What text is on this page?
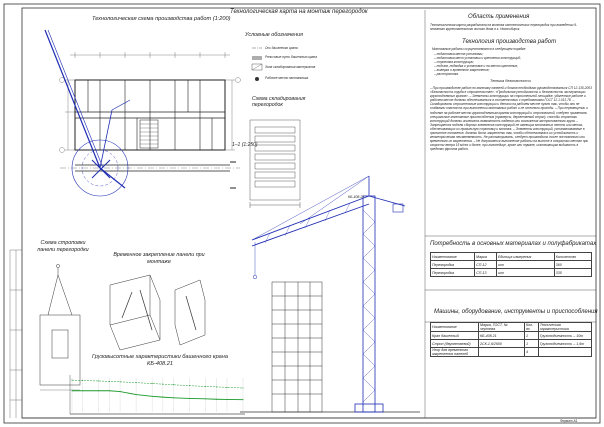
Технологическая карта на монтаж перегородок
Технологическая схема производства работ (1:200)
1–1 (1:250)
Условные обозначения
Ось башенного крана
Рельсовые пути башенного крана
Зона складирования материалов
Рабочее место монтажника
Схема складирования перегородок
Область применения
Технологическая карта разработана на монтаж сантехнических перегородок при возведении 9-этажного крупнопанельного жилого дома в г. Новосибирск.
Технология производства работ
Монтажные работы осуществляются в следующем порядке:
– подготовка места установки;
– подготовка мест установки и крепления конструкций;
– строповка конструкции;
– подъем, подводка к установке и на место крепления;
– выверка и временное закрепление;
– расстроповка.
Техника безопасности
– При производстве работ по монтажу панелей и блоков необходимо руководствоваться СП 12-135-2003 «Безопасность труда в строительстве». «Продольная устойчивость и безопасность эксплуатации грузоподъемных кранов». – Элементы конструкции на строительной площадке, удаленные работе и рабочем месте должны обеспечиваться в соответствии с требованиями ГОСТ 12.1.013-78. – Складировать строительные конструкции и детали на рабочем месте нужно так, чтобы они не создавали опасность при выполнении монтажных работ и не стесняли проходы. – При перемещении и подъеме на рабочее место грузоподъемным краном конструкций и строповочной, следует применять специальные монтажные приспособления (траверсы, двухветвевой строп), способы строповки конструкций должны исключать возможность падения или скольжения застропованного груза. – Запрещается подъем сборных элементов конструкций не имеющих монтажных петель или меток, обеспечивающих их правильную строповку и монтаж. – Элементы конструкций, устанавливаемые в проектное положение, должны быть закреплены так, чтобы обеспечивалась их устойчивость и геометрическая неизменяемость. Не рассматривать, следует производить после постоянного или временного их закрепления. – Не допускается выполнение работы на высоте в открытых местах при скорости ветра 15 м/сек и более, при гололедице, грозе или тумане, исключающим видимость в пределах фронта работ.
Потребность в основных материалах и полуфабрикатах
Наименование	Марка	Единица измерения	Количество
Перегородка	СП-12	шт	360
Перегородка	СП-13	шт	335
Машины, оборудование, инструменты и приспособления
Наименование	Марка, ГОСТ, № чертежа	Кол-во	Техническая характеристика
Кран башенный	КБ-408.21	1	Грузоподъемность – 10т
Строп (двухветвевой)	2СК-1,6/2600	1	Грузоподъемность – 1,6т
Упор для временного закрепления панелей		4	
Схема строповки панели перегородки
Временное закрепление панели при монтаже
Грузовысотные характеристики башенного крана КБ-408.21
КБ-408.21
Формат А1
